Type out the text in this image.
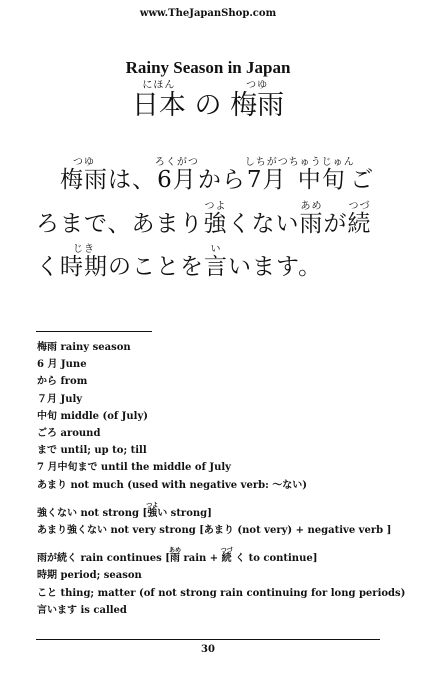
www.TheJapanShop.com
Rainy Season in Japan
日本にほん の 梅雨つゆ
　梅雨つゆは、6月ろくがつから7月しちがつ中旬ちゅうじゅんごろまで、あまり強つよくない雨あめが続つづく時期じきのことを言いいます。
梅雨 rainy season
6 月 June
から from
７月 July
中旬 middle (of July)
ごろ around
まで until; up to; till
7 月中旬まで until the middle of July
あまり not much (used with negative verb: ～ない)
強くない not strong [強つよい strong]
あまり強くない not very strong [あまり (not very) + negative verb ]
雨が続く rain continues [雨あめ rain + 続つづ く to continue]
時期 period; season
こと thing; matter (of not strong rain continuing for long periods)
言います is called
30
